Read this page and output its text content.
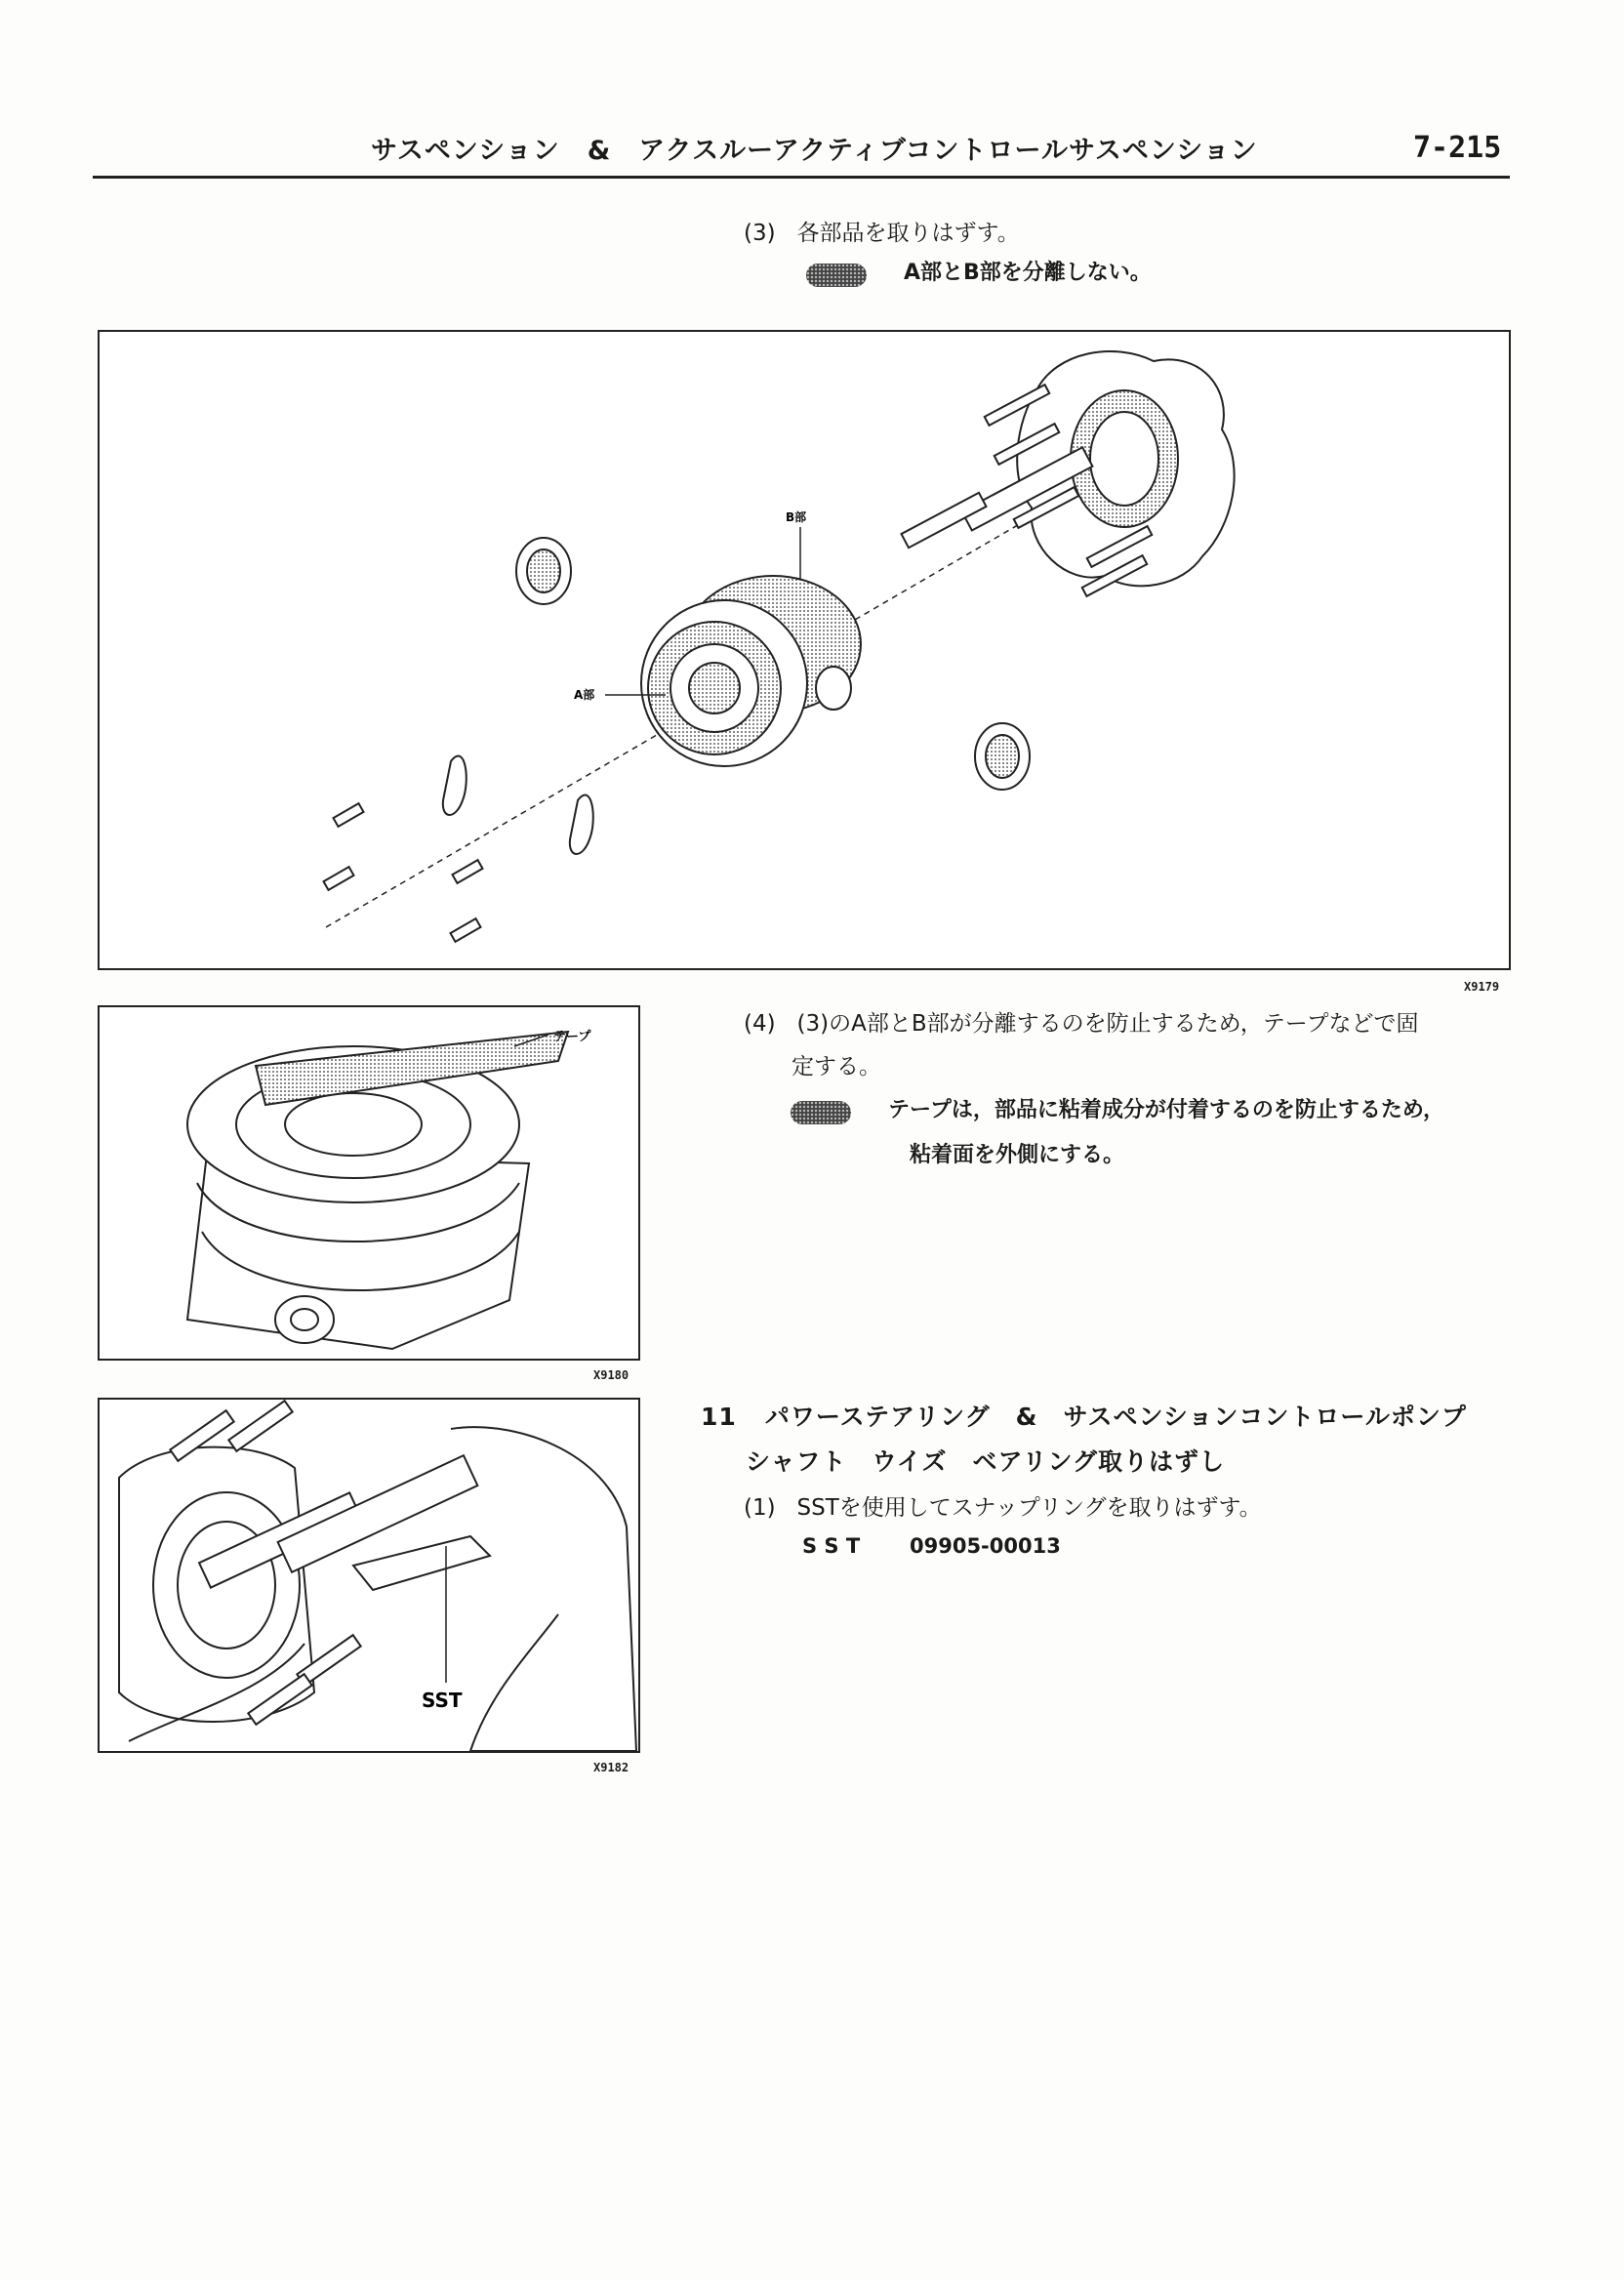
サスペンション　&　アクスルーアクティブコントロールサスペンション	7-215
(3) 各部品を取りはずす。
A部とB部を分離しない。
B部
A部
X9179
テープ
X9180
(4) (3)のA部とB部が分離するのを防止するため，テープなどで固
定する。
テープは，部品に粘着成分が付着するのを防止するため，
粘着面を外側にする。
SST
X9182
11 パワーステアリング　&　サスペンションコントロールポンプ
シャフト　ウイズ　ベアリング取りはずし
(1) SSTを使用してスナップリングを取りはずす。
S S T 09905-00013
